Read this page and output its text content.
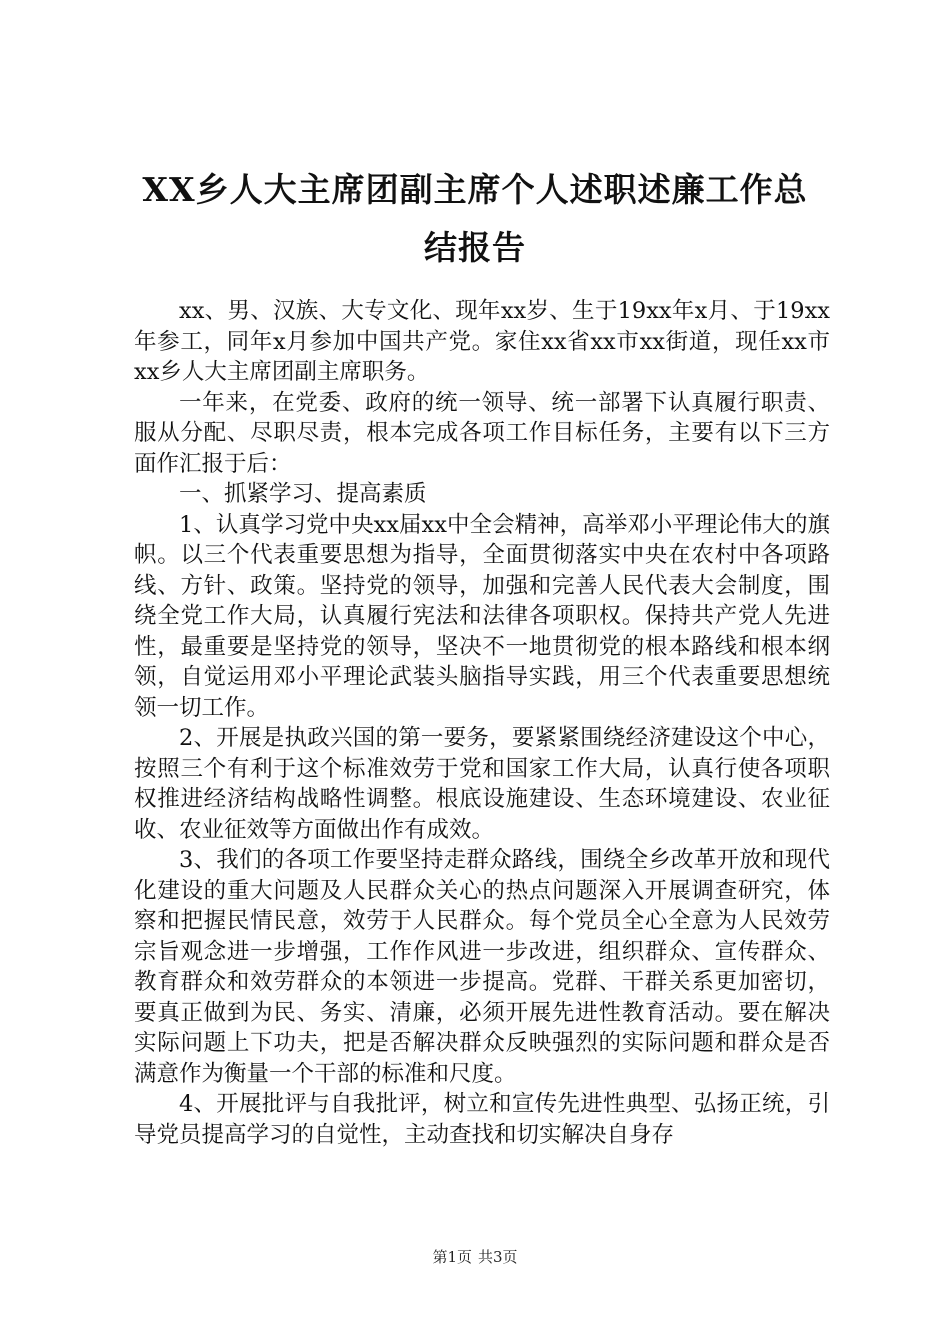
XX乡人大主席团副主席个人述职述廉工作总
结报告

xx、男、汉族、大专文化、现年xx岁、生于19xx年x月、于19xx年参工，同年x月参加中国共产党。家住xx省xx市xx街道，现任xx市xx乡人大主席团副主席职务。

一年来，在党委、政府的统一领导、统一部署下认真履行职责、服从分配、尽职尽责，根本完成各项工作目标任务，主要有以下三方面作汇报于后：

一、抓紧学习、提高素质

1、认真学习党中央xx届xx中全会精神，高举邓小平理论伟大的旗帜。以三个代表重要思想为指导，全面贯彻落实中央在农村中各项路线、方针、政策。坚持党的领导，加强和完善人民代表大会制度，围绕全党工作大局，认真履行宪法和法律各项职权。保持共产党人先进性，最重要是坚持党的领导，坚决不一地贯彻党的根本路线和根本纲领，自觉运用邓小平理论武装头脑指导实践，用三个代表重要思想统领一切工作。

2、开展是执政兴国的第一要务，要紧紧围绕经济建设这个中心，按照三个有利于这个标准效劳于党和国家工作大局，认真行使各项职权推进经济结构战略性调整。根底设施建设、生态环境建设、农业征收、农业征效等方面做出作有成效。

3、我们的各项工作要坚持走群众路线，围绕全乡改革开放和现代化建设的重大问题及人民群众关心的热点问题深入开展调查研究，体察和把握民情民意，效劳于人民群众。每个党员全心全意为人民效劳宗旨观念进一步增强，工作作风进一步改进，组织群众、宣传群众、教育群众和效劳群众的本领进一步提高。党群、干群关系更加密切，要真正做到为民、务实、清廉，必须开展先进性教育活动。要在解决实际问题上下功夫，把是否解决群众反映强烈的实际问题和群众是否满意作为衡量一个干部的标准和尺度。

4、开展批评与自我批评，树立和宣传先进性典型、弘扬正统，引导党员提高学习的自觉性，主动查找和切实解决自身存

第1页 共3页
